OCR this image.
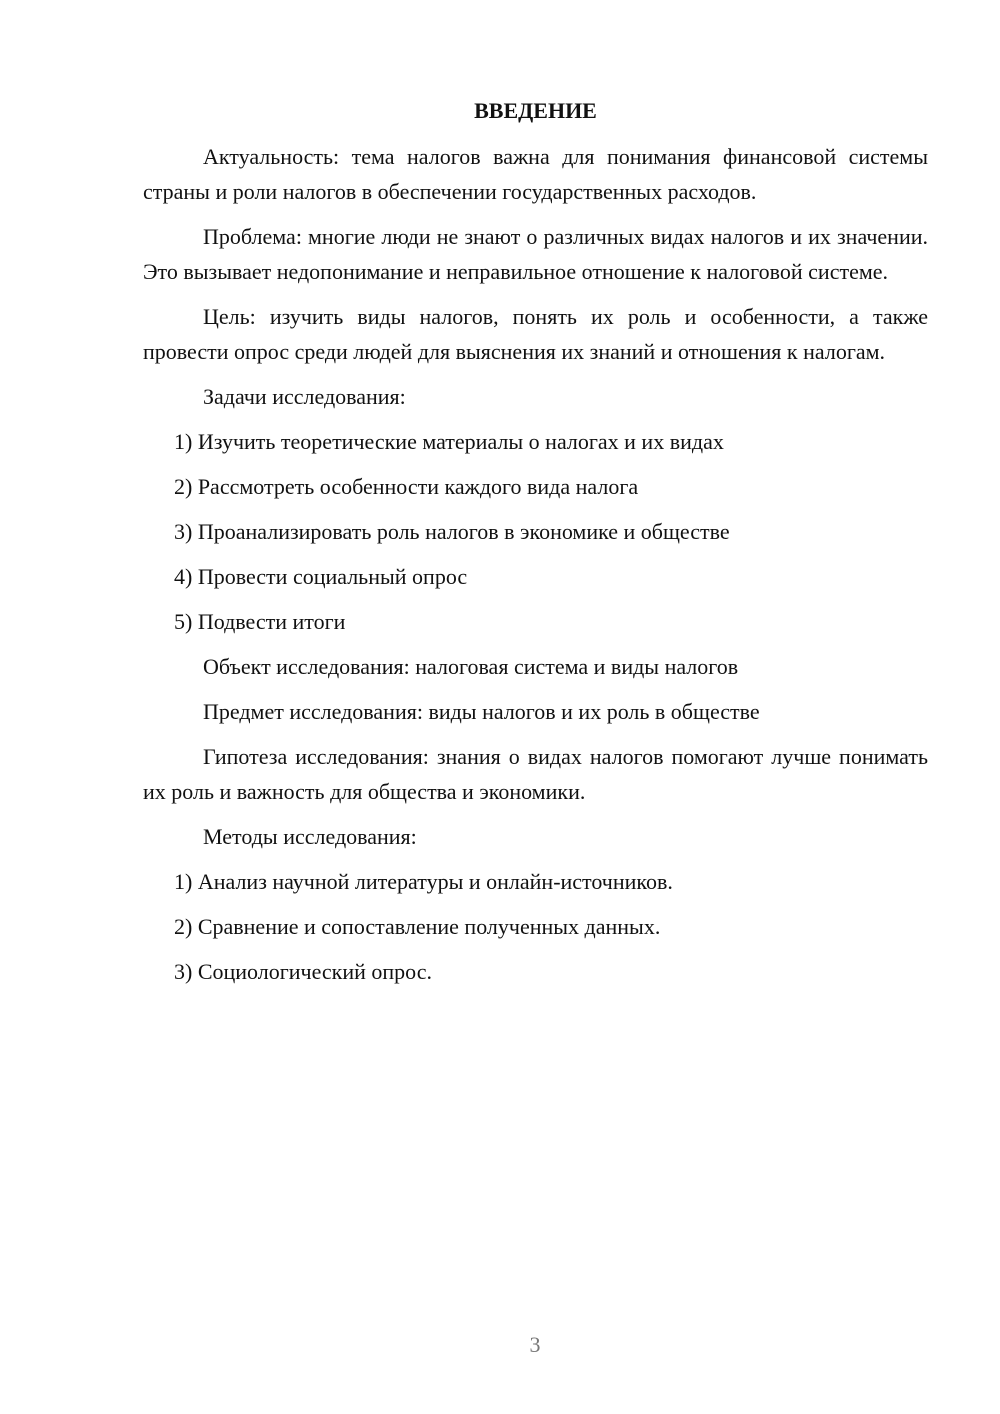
ВВЕДЕНИЕ

Актуальность: тема налогов важна для понимания финансовой системы страны и роли налогов в обеспечении государственных расходов.

Проблема: многие люди не знают о различных видах налогов и их значении. Это вызывает недопонимание и неправильное отношение к налоговой системе.

Цель: изучить виды налогов, понять их роль и особенности, а также провести опрос среди людей для выяснения их знаний и отношения к налогам.

Задачи исследования:

1) Изучить теоретические материалы о налогах и их видах
2) Рассмотреть особенности каждого вида налога
3) Проанализировать роль налогов в экономике и обществе
4) Провести социальный опрос
5) Подвести итоги

Объект исследования: налоговая система и виды налогов

Предмет исследования: виды налогов и их роль в обществе

Гипотеза исследования: знания о видах налогов помогают лучше понимать их роль и важность для общества и экономики.

Методы исследования:

1) Анализ научной литературы и онлайн-источников.
2) Сравнение и сопоставление полученных данных.
3) Социологический опрос.
3
